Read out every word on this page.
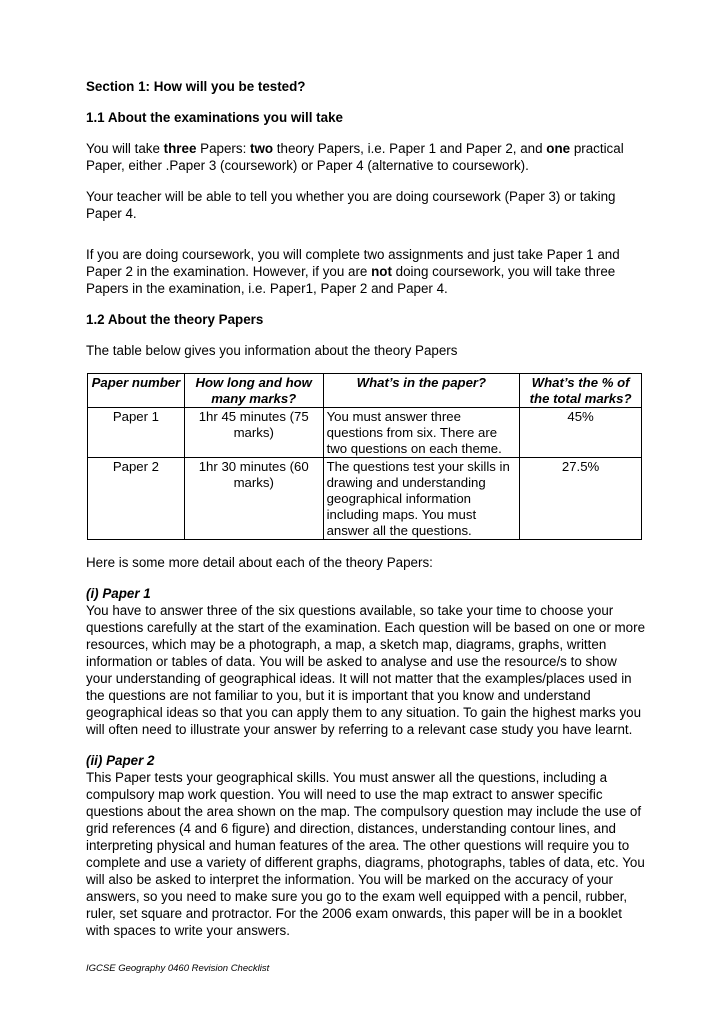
Section 1: How will you be tested?

1.1 About the examinations you will take

You will take three Papers: two theory Papers, i.e. Paper 1 and Paper 2, and one practical Paper, either .Paper 3 (coursework) or Paper 4 (alternative to coursework).

Your teacher will be able to tell you whether you are doing coursework (Paper 3) or taking Paper 4.

If you are doing coursework, you will complete two assignments and just take Paper 1 and Paper 2 in the examination. However, if you are not doing coursework, you will take three Papers in the examination, i.e. Paper1, Paper 2 and Paper 4.

1.2 About the theory Papers

The table below gives you information about the theory Papers

Paper number	How long and how many marks?	What’s in the paper?	What’s the % of the total marks?
Paper 1	1hr 45 minutes (75 marks)	You must answer three questions from six. There are two questions on each theme.	45%
Paper 2	1hr 30 minutes (60 marks)	The questions test your skills in drawing and understanding geographical information including maps. You must answer all the questions.	27.5%

Here is some more detail about each of the theory Papers:

(i) Paper 1

You have to answer three of the six questions available, so take your time to choose your questions carefully at the start of the examination. Each question will be based on one or more resources, which may be a photograph, a map, a sketch map, diagrams, graphs, written information or tables of data. You will be asked to analyse and use the resource/s to show your understanding of geographical ideas. It will not matter that the examples/places used in the questions are not familiar to you, but it is important that you know and understand geographical ideas so that you can apply them to any situation. To gain the highest marks you will often need to illustrate your answer by referring to a relevant case study you have learnt.

(ii) Paper 2

This Paper tests your geographical skills. You must answer all the questions, including a compulsory map work question. You will need to use the map extract to answer specific questions about the area shown on the map. The compulsory question may include the use of grid references (4 and 6 figure) and direction, distances, understanding contour lines, and interpreting physical and human features of the area. The other questions will require you to complete and use a variety of different graphs, diagrams, photographs, tables of data, etc. You will also be asked to interpret the information. You will be marked on the accuracy of your answers, so you need to make sure you go to the exam well equipped with a pencil, rubber, ruler, set square and protractor. For the 2006 exam onwards, this paper will be in a booklet with spaces to write your answers.

IGCSE Geography 0460 Revision Checklist
